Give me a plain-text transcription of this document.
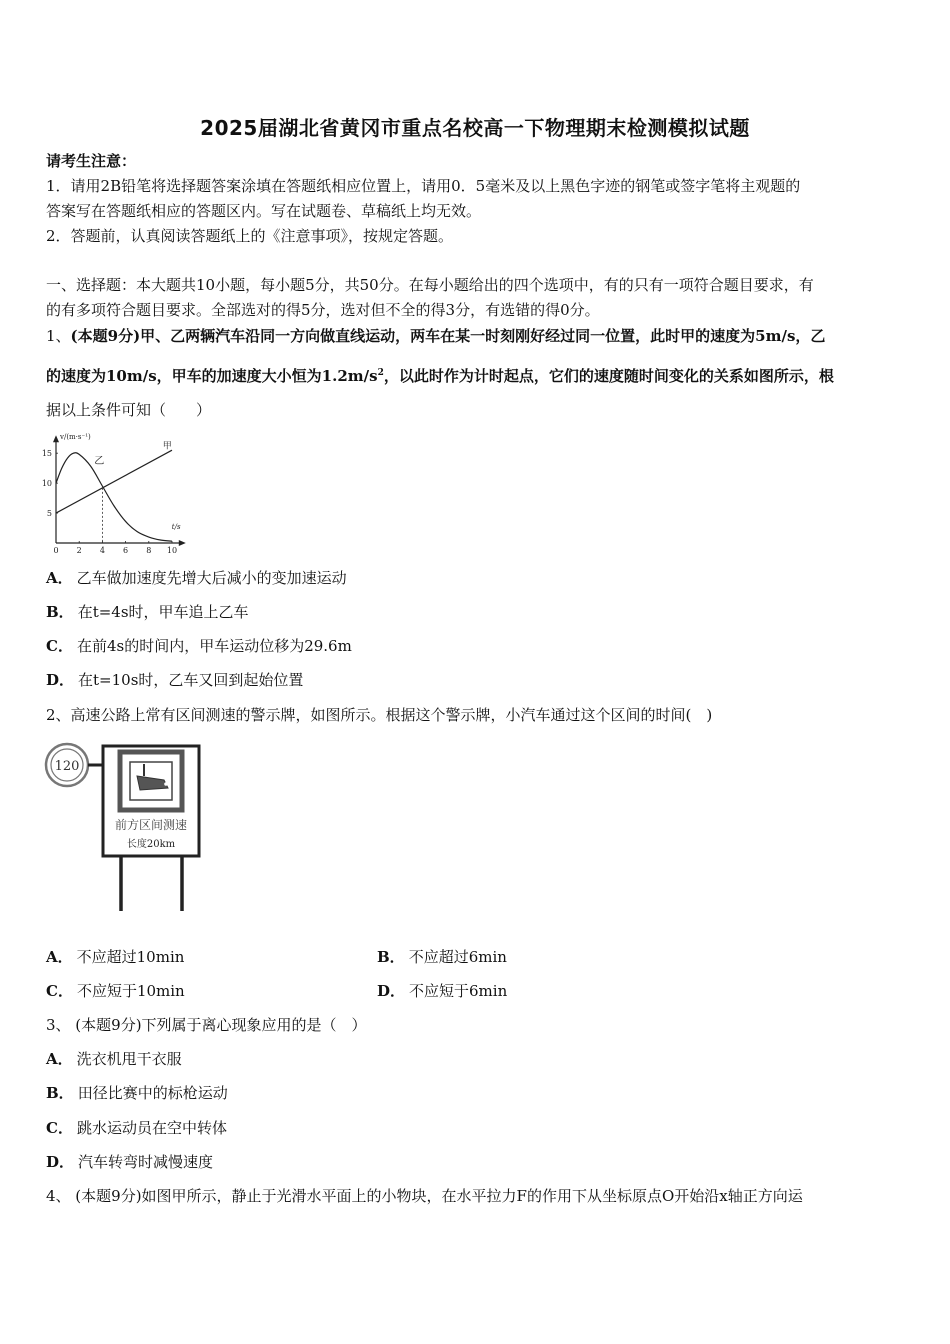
2025届湖北省黄冈市重点名校高一下物理期末检测模拟试题
请考生注意：
1．请用2B铅笔将选择题答案涂填在答题纸相应位置上，请用0．5毫米及以上黑色字迹的钢笔或签字笔将主观题的
答案写在答题纸相应的答题区内。写在试题卷、草稿纸上均无效。
2．答题前，认真阅读答题纸上的《注意事项》，按规定答题。
一、选择题：本大题共10小题，每小题5分，共50分。在每小题给出的四个选项中，有的只有一项符合题目要求，有
的有多项符合题目要求。全部选对的得5分，选对但不全的得3分，有选错的得0分。
1、(本题9分)甲、乙两辆汽车沿同一方向做直线运动，两车在某一时刻刚好经过同一位置，此时甲的速度为5m/s，乙
的速度为10m/s，甲车的加速度大小恒为$1.2m/s^2$，以此时作为计时起点，它们的速度随时间变化的关系如图所示，根
据以上条件可知（　　）
v/(m·s⁻¹)
t/s
0 2 4 6 8 10
5
10
15
乙
甲
A． 乙车做加速度先增大后减小的变加速运动
B． 在t=4s时，甲车追上乙车
C． 在前4s的时间内，甲车运动位移为29.6m
D． 在t=10s时，乙车又回到起始位置
2、高速公路上常有区间测速的警示牌，如图所示。根据这个警示牌，小汽车通过这个区间的时间(　)
120
前方区间测速
长度20km
A． 不应超过10min	B． 不应超过6min
C． 不应短于10min	D． 不应短于6min
3、 (本题9分)下列属于离心现象应用的是（　）
A． 洗衣机甩干衣服
B． 田径比赛中的标枪运动
C． 跳水运动员在空中转体
D． 汽车转弯时减慢速度
4、 (本题9分)如图甲所示，静止于光滑水平面上的小物块，在水平拉力F的作用下从坐标原点O开始沿x轴正方向运
